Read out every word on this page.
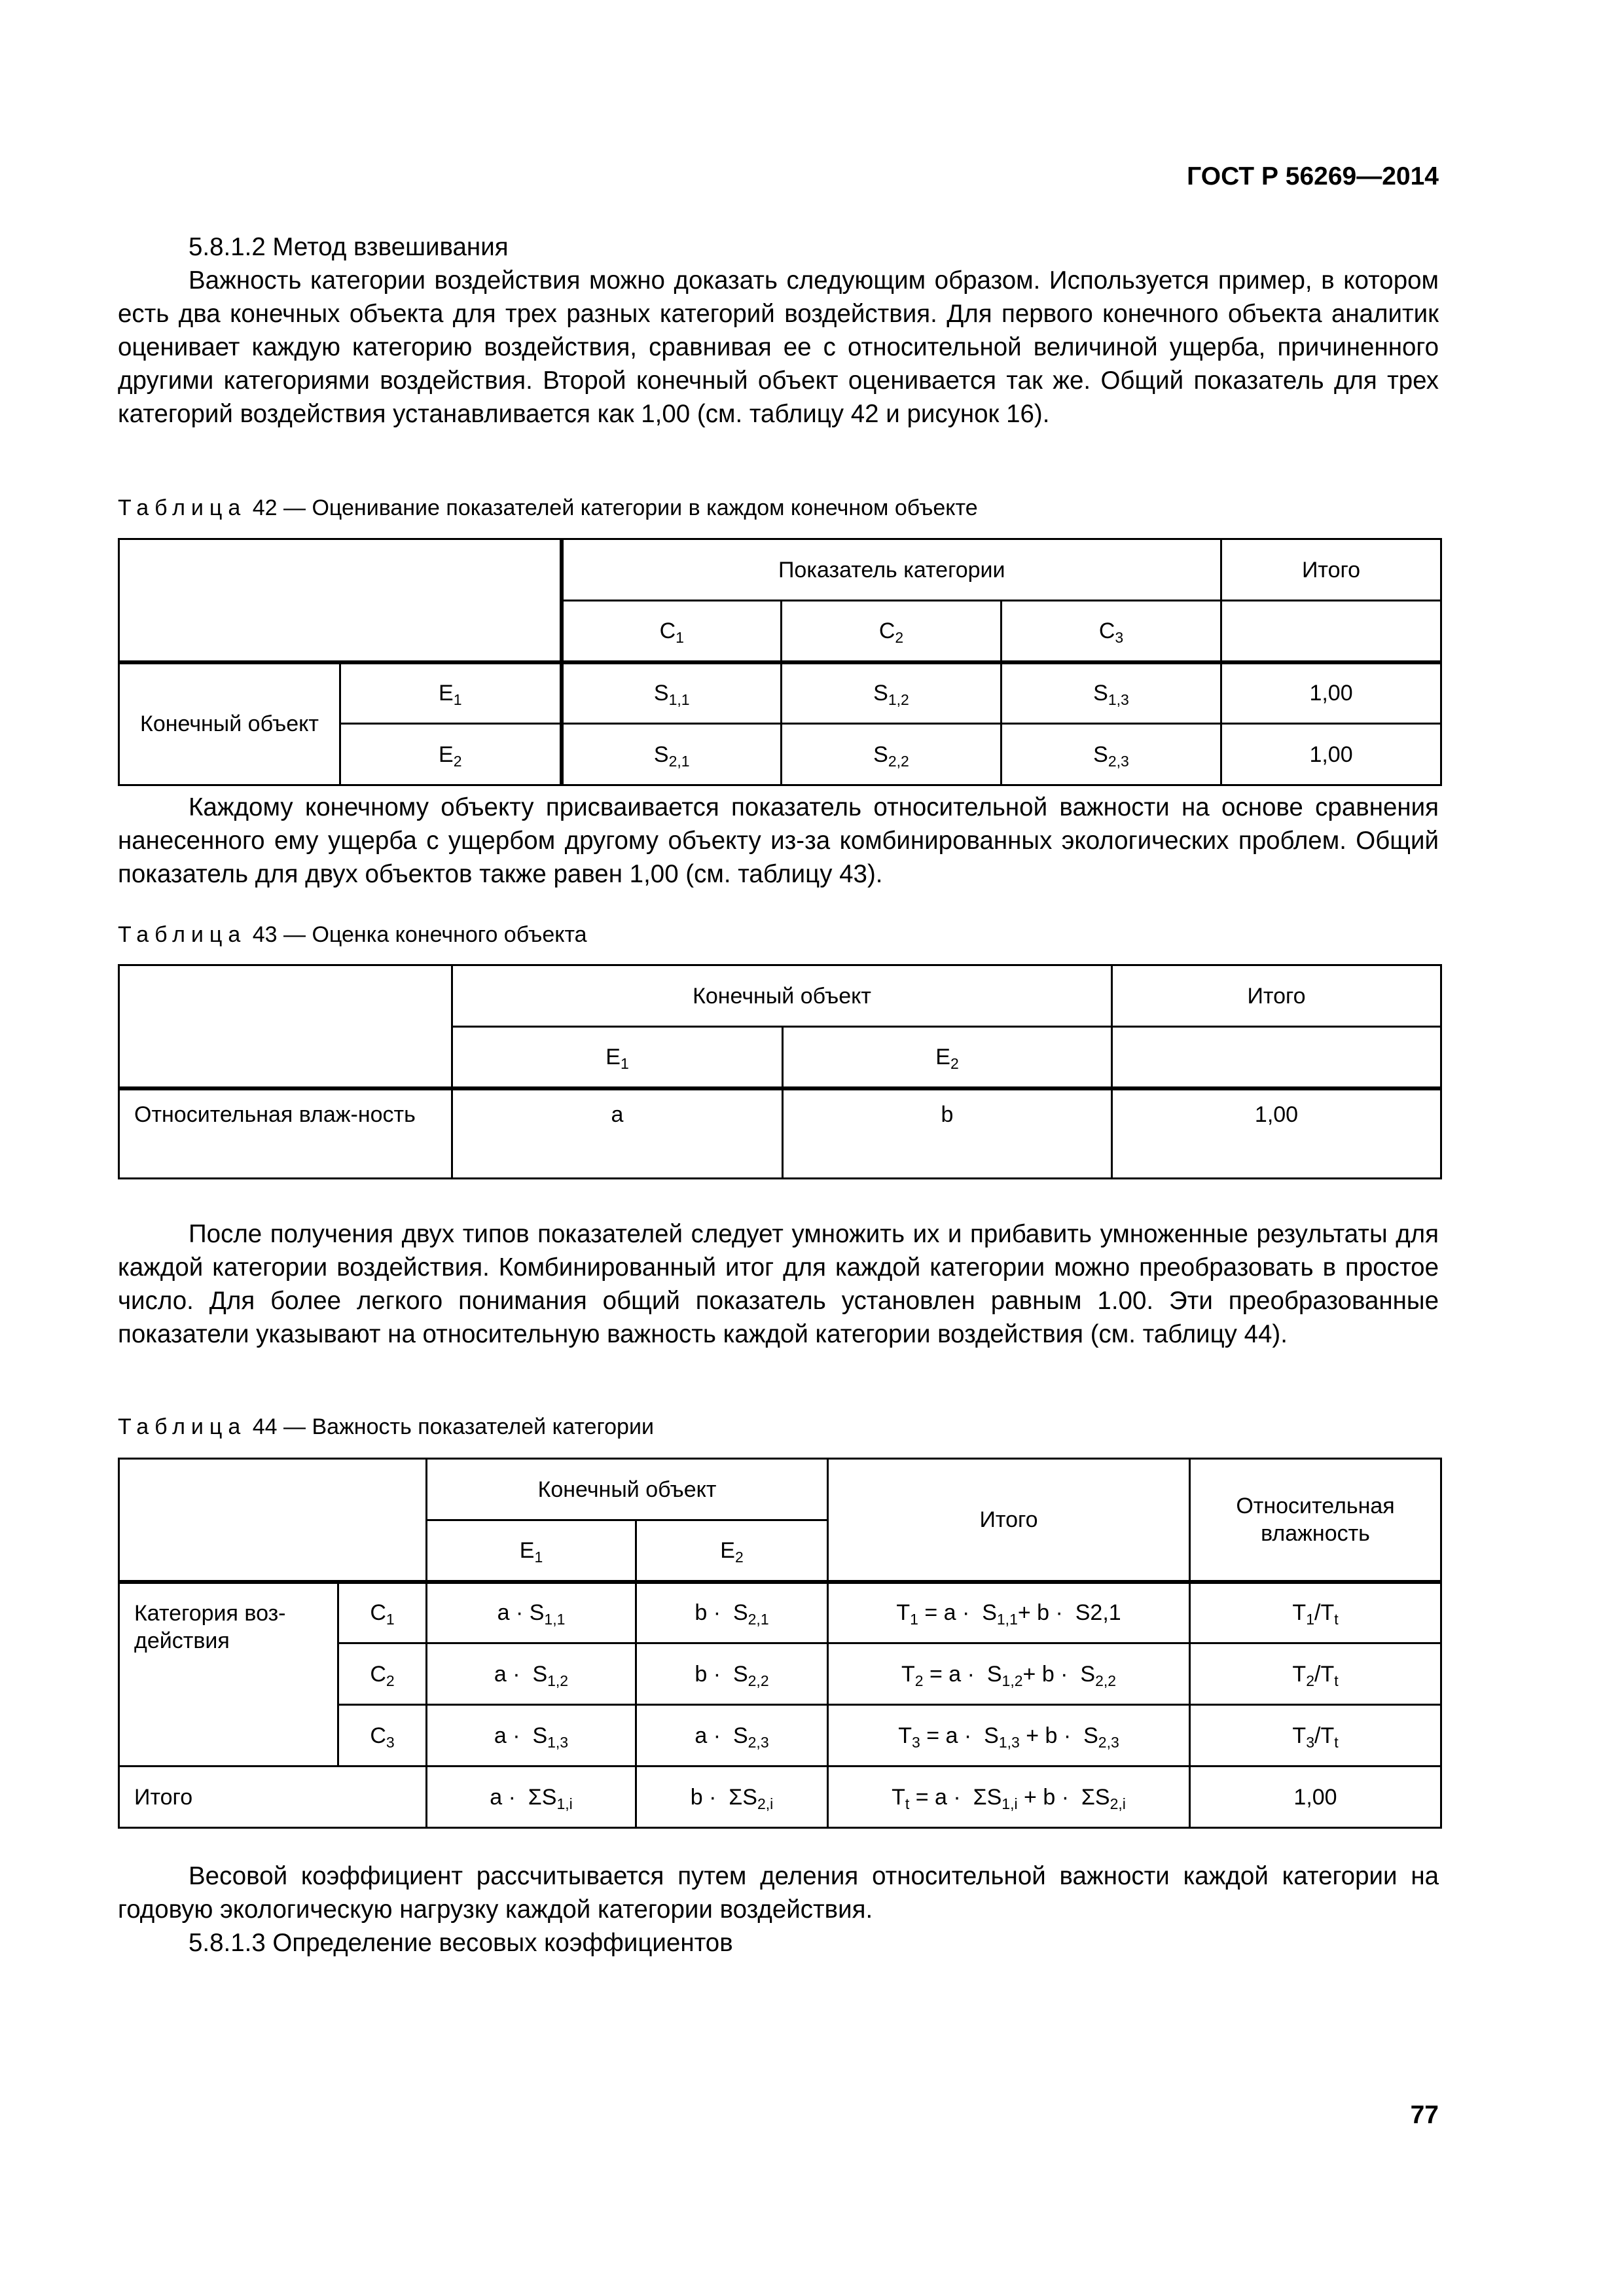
ГОСТ Р 56269—2014
5.8.1.2 Метод взвешивания
Важность категории воздействия можно доказать следующим образом. Используется пример, в котором есть два конечных объекта для трех разных категорий воздействия. Для первого конечного объекта аналитик оценивает каждую категорию воздействия, сравнивая ее с относительной величиной ущерба, причиненного другими категориями воздействия. Второй конечный объект оценивается так же. Общий показатель для трех категорий воздействия устанавливается как 1,00 (см. таблицу 42 и рисунок 16).
Таблица 42 — Оценивание показателей категории в каждом конечном объекте
		Показатель категории			Итого
		$C_1$	$C_2$	$C_3$	
Конечный объект	$E_1$	$S_{1,1}$	$S_{1,2}$	$S_{1,3}$	1,00
	$E_2$	$S_{2,1}$	$S_{2,2}$	$S_{2,3}$	1,00
Каждому конечному объекту присваивается показатель относительной важности на основе сравнения нанесенного ему ущерба с ущербом другому объекту из-за комбинированных экологических проблем. Общий показатель для двух объектов также равен 1,00 (см. таблицу 43).
Таблица 43 — Оценка конечного объекта
	Конечный объект		Итого
	$E_1$	$E_2$	
Относительная влаж-ность	a	b	1,00
После получения двух типов показателей следует умножить их и прибавить умноженные результаты для каждой категории воздействия. Комбинированный итог для каждой категории можно преобразовать в простое число. Для более легкого понимания общий показатель установлен равным 1.00. Эти преобразованные показатели указывают на относительную важность каждой категории воздействия (см. таблицу 44).
Таблица 44 — Важность показателей категории
		Конечный объект		Итого	Относительная влажность
		$E_1$	$E_2$
Категория воз-действия	$C_1$	$a \cdot S_{1,1}$	$b \cdot S_{2,1}$	$T_1 = a \cdot S_{1,1}+ b \cdot S2,1$	$T_1/T_t$
	$C_2$	$a \cdot S_{1,2}$	$b \cdot S_{2,2}$	$T_2 = a \cdot S_{1,2}+ b \cdot S_{2,2}$	$T_2/T_t$
	$C_3$	$a \cdot S_{1,3}$	$a \cdot S_{2,3}$	$T_3 = a \cdot S_{1,3} + b \cdot S_{2,3}$	$T_3/T_t$
Итого		$a \cdot \Sigma S_{1,i}$	$b \cdot \Sigma S_{2,i}$	$T_t = a \cdot \Sigma S_{1,i} + b \cdot \Sigma S_{2,i}$	1,00
Весовой коэффициент рассчитывается путем деления относительной важности каждой категории на годовую экологическую нагрузку каждой категории воздействия.
5.8.1.3 Определение весовых коэффициентов
77
